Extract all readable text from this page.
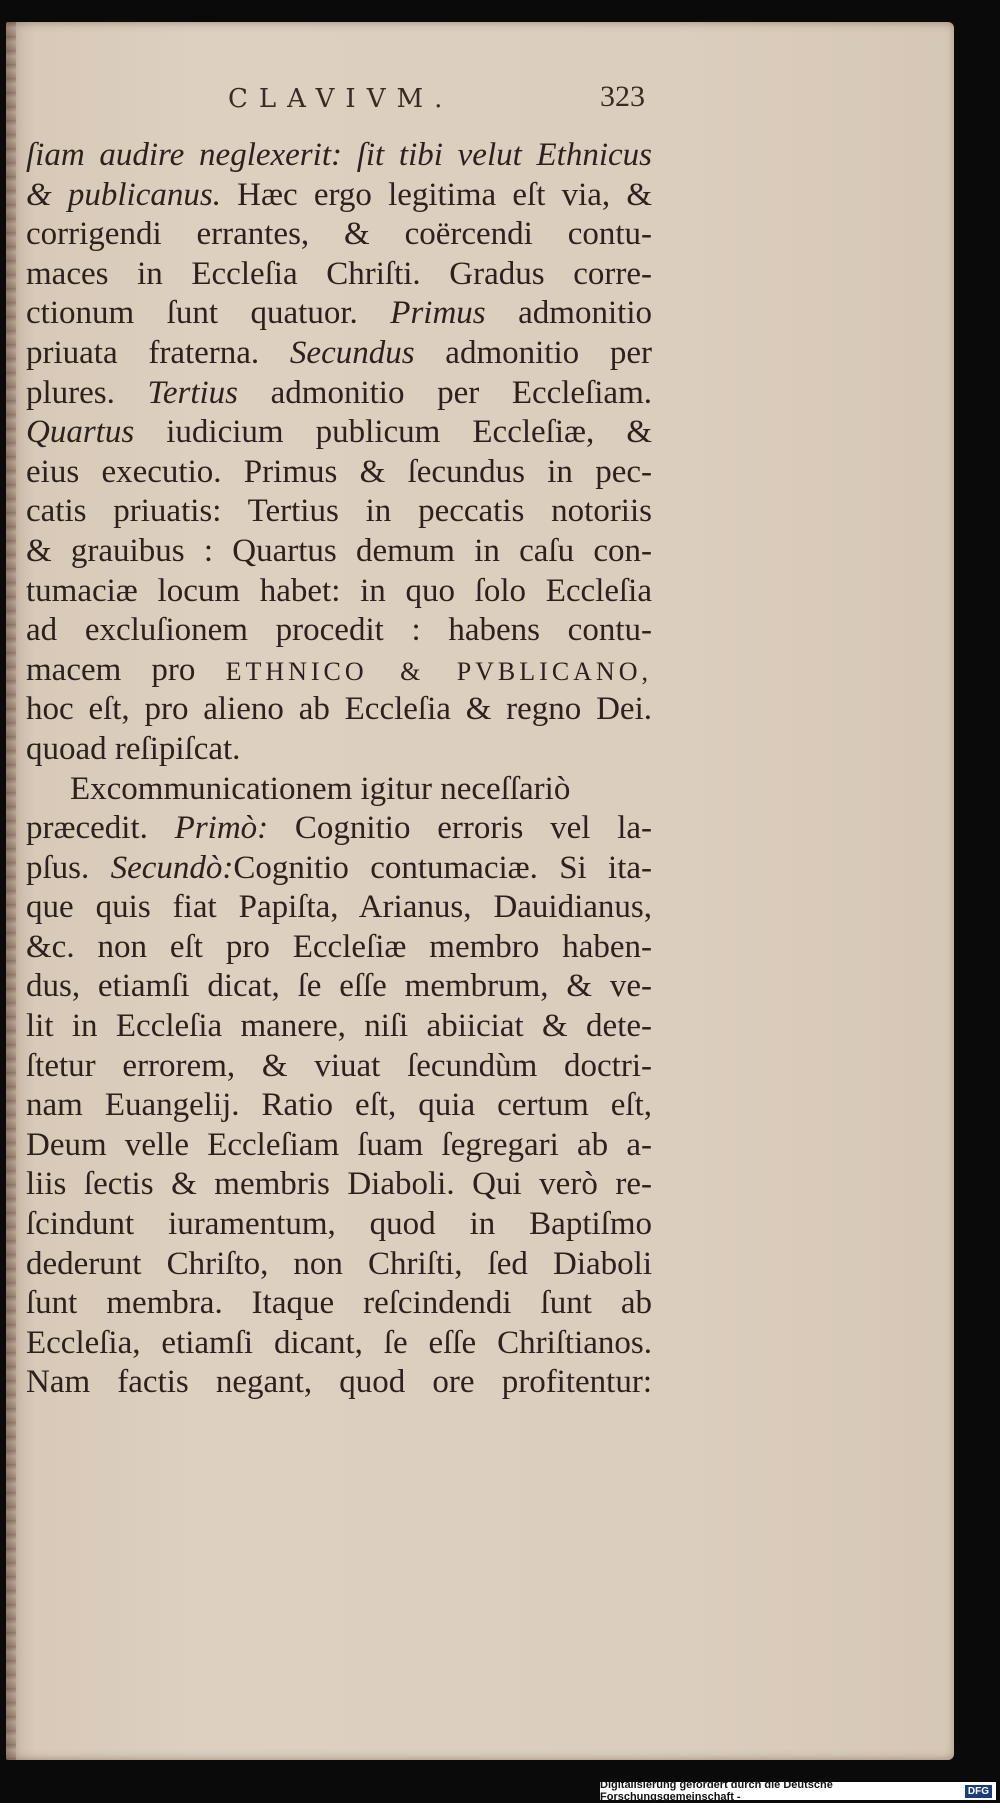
CLAVIVM.	323
ſiam audire neglexerit: ſit tibi velut Ethnicus
& publicanus. Hæc ergo legitima eſt via, &
corrigendi errantes, & coërcendi contu-
maces in Eccleſia Chriſti. Gradus corre-
ctionum ſunt quatuor. Primus admonitio
priuata fraterna. Secundus admonitio per
plures. Tertius admonitio per Eccleſiam.
Quartus iudicium publicum Eccleſiæ, &
eius executio. Primus & ſecundus in pec-
catis priuatis: Tertius in peccatis notoriis
& grauibus : Quartus demum in caſu con-
tumaciæ locum habet: in quo ſolo Eccleſia
ad excluſionem procedit : habens contu-
macem pro ETHNICO & PVBLICANO,
hoc eſt, pro alieno ab Eccleſia & regno Dei.
quoad reſipiſcat.
Excommunicationem igitur neceſſariò
præcedit. Primò: Cognitio erroris vel la-
pſus. Secundò:Cognitio contumaciæ. Si ita-
que quis fiat Papiſta, Arianus, Dauidianus,
&c. non eſt pro Eccleſiæ membro haben-
dus, etiamſi dicat, ſe eſſe membrum, & ve-
lit in Eccleſia manere, niſi abiiciat & dete-
ſtetur errorem, & viuat ſecundùm doctri-
nam Euangelij. Ratio eſt, quia certum eſt,
Deum velle Eccleſiam ſuam ſegregari ab a-
liis ſectis & membris Diaboli. Qui verò re-
ſcindunt iuramentum, quod in Baptiſmo
dederunt Chriſto, non Chriſti, ſed Diaboli
ſunt membra. Itaque reſcindendi ſunt ab
Eccleſia, etiamſi dicant, ſe eſſe Chriſtianos.
Nam factis negant, quod ore profitentur:
Digitalisierung gefördert durch die Deutsche Forschungsgemeinschaft -	DFG
